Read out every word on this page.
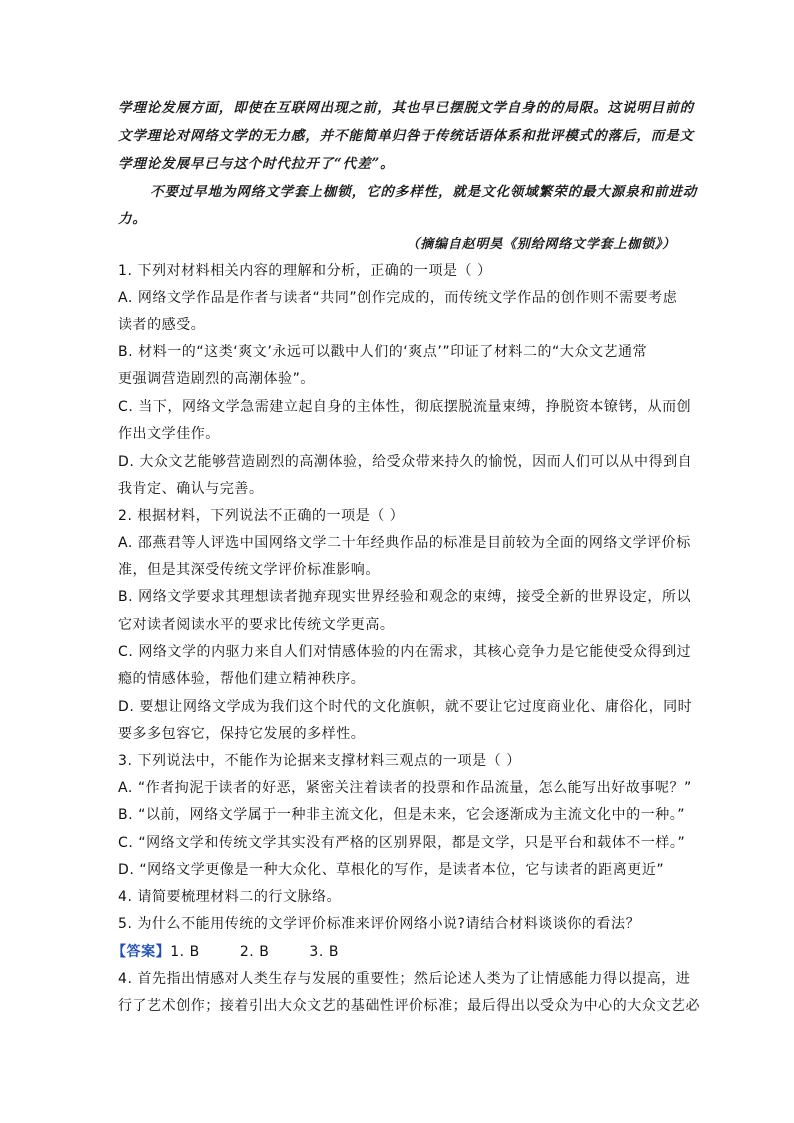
学理论发展方面，即使在互联网出现之前，其也早已摆脱文学自身的的局限。这说明目前的
文学理论对网络文学的无力感，并不能简单归咎于传统话语体系和批评模式的落后，而是文
学理论发展早已与这个时代拉开了“代差”。
不要过早地为网络文学套上枷锁，它的多样性，就是文化领域繁荣的最大源泉和前进动
力。
（摘编自赵明昊《别给网络文学套上枷锁》）
1. 下列对材料相关内容的理解和分析，正确的一项是（ ）
A. 网络文学作品是作者与读者“共同”创作完成的，而传统文学作品的创作则不需要考虑
读者的感受。
B. 材料一的“这类‘爽文’永远可以戳中人们的‘爽点’”印证了材料二的“大众文艺通常
更强调营造剧烈的高潮体验”。
C. 当下，网络文学急需建立起自身的主体性，彻底摆脱流量束缚，挣脱资本镣铐，从而创
作出文学佳作。
D. 大众文艺能够营造剧烈的高潮体验，给受众带来持久的愉悦，因而人们可以从中得到自
我肯定、确认与完善。
2. 根据材料，下列说法不正确的一项是（ ）
A. 邵燕君等人评选中国网络文学二十年经典作品的标准是目前较为全面的网络文学评价标
准，但是其深受传统文学评价标准影响。
B. 网络文学要求其理想读者抛弃现实世界经验和观念的束缚，接受全新的世界设定，所以
它对读者阅读水平的要求比传统文学更高。
C. 网络文学的内驱力来自人们对情感体验的内在需求，其核心竞争力是它能使受众得到过
瘾的情感体验，帮他们建立精神秩序。
D. 要想让网络文学成为我们这个时代的文化旗帜，就不要让它过度商业化、庸俗化，同时
要多多包容它，保持它发展的多样性。
3. 下列说法中，不能作为论据来支撑材料三观点的一项是（ ）
A. “作者拘泥于读者的好恶，紧密关注着读者的投票和作品流量，怎么能写出好故事呢？”
B. “以前，网络文学属于一种非主流文化，但是未来，它会逐渐成为主流文化中的一种。”
C. “网络文学和传统文学其实没有严格的区别界限，都是文学，只是平台和载体不一样。”
D. “网络文学更像是一种大众化、草根化的写作，是读者本位，它与读者的距离更近”
4. 请简要梳理材料二的行文脉络。
5. 为什么不能用传统的文学评价标准来评价网络小说?请结合材料谈谈你的看法？
【答案】1. B        2. B        3. B
4. 首先指出情感对人类生存与发展的重要性；然后论述人类为了让情感能力得以提高，进
行了艺术创作；接着引出大众文艺的基础性评价标准；最后得出以受众为中心的大众文艺必
